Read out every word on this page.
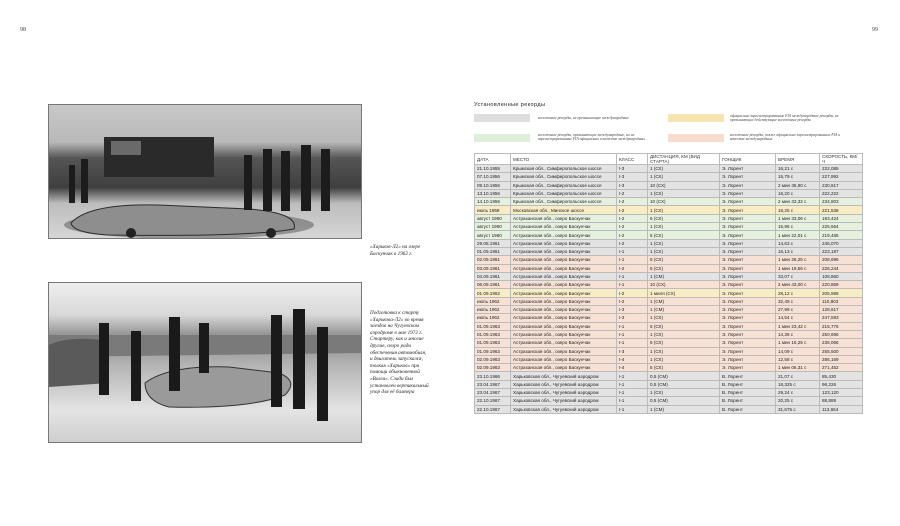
98	99
«Харьков-Л2» на озере Баскунчак в 1962 г.
Подготовка к старту «Харькова-Л2» во время заездов на Чугуевском аэродроме в мае 1972 г. Стартеру, как и многие другие, скоро ради обеспечения автомобиля, и двигатель запускался, толкая «Харьков» при помощи обыкновенной «Волги». Сзади был установлен вертикальный упор для её бампера
Установленные рекорды
всесоюзные рекорды, не превышающие международные	официально зарегистрированные FIA международные рекорды, не превышающие действующие всесоюзные рекорды
всесоюзные рекорды, превышающие международные, но не зарегистрированные FIA официально в качестве международных
всесоюзные рекорды, позже официально зарегистрированные FIA в качестве международных
ДАТА	МЕСТО	КЛАСС	ДИСТАНЦИЯ, КМ (ВИД СТАРТА)	ГОНЩИК	ВРЕМЯ	СКОРОСТЬ, КМ/Ч
21.10.1955	Крымская обл., Симферопольское шоссе	I-3	1 (СХ)	Э. Лорент	16,21 с	222,085
07.10.1956	Крымская обл., Симферопольское шоссе	I-3	1 (СХ)	Э. Лорент	15,79 с	227,992
09.10.1956	Крымская обл., Симферопольское шоссе	I-3	10 (СХ)	Э. Лорент	2 мин 35,90 с	230,917
13.10.1956	Крымская обл., Симферопольское шоссе	I-2	1 (СХ)	Э. Лорент	16,20 с	222,222
14.10.1956	Крымская обл., Симферопольское шоссе	I-2	10 (СХ)	Э. Лорент	2 мин 33,32 с	234,803
июль 1958	Московская обл., Минское шоссе	I-2	1 (СХ)	Э. Лорент	16,25 с	221,538
август 1960	Астраханская обл., озеро Баскунчак	I-2	5 (СХ)	Э. Лорент	1 мин 33,06 с	193,424
август 1960	Астраханская обл., озеро Баскунчак	I-2	1 (СХ)	Э. Лорент	15,96 с	225,564
август 1960	Астраханская обл., озеро Баскунчак	I-2	5 (СХ)	Э. Лорент	1 мин 22,01 с	219,485
29.08.1961	Астраханская обл., озеро Баскунчак	I-2	1 (СХ)	Э. Лорент	14,63 с	246,070
01.09.1961	Астраханская обл., озеро Баскунчак	I-1	1 (СХ)	Э. Лорент	16,13 с	223,187
02.09.1961	Астраханская обл., озеро Баскунчак	I-1	5 (СХ)	Э. Лорент	1 мин 26,25 с	208,696
03.09.1961	Астраханская обл., озеро Баскунчак	I-2	5 (СХ)	Э. Лорент	1 мин 19,56 с	226,244
04.09.1961	Астраханская обл., озеро Баскунчак	I-1	1 (СМ)	Э. Лорент	33,07 с	108,860
06.09.1961	Астраханская обл., озеро Баскунчак	I-1	10 (СХ)	Э. Лорент	2 мин 43,00 с	220,859
01.09.1962	Астраханская обл., озеро Баскунчак	I-2	1 миля (СХ)	Э. Лорент	28,12 с	205,989
июль 1962	Астраханская обл., озеро Баскунчак	I-2	1 (СМ)	Э. Лорент	32,49 с	110,803
июль 1962	Астраханская обл., озеро Баскунчак	I-3	1 (СМ)	Э. Лорент	27,99 с	128,617
июль 1962	Астраханская обл., озеро Баскунчак	I-3	1 (СХ)	Э. Лорент	14,54 с	247,593
01.09.1963	Астраханская обл., озеро Баскунчак	I-1	5 (СХ)	Э. Лорент	1 мин 23,42 с	215,776
01.09.1963	Астраханская обл., озеро Баскунчак	I-1	1 (СХ)	Э. Лорент	14,36 с	250,696
01.09.1963	Астраханская обл., озеро Баскунчак	I-1	5 (СХ)	Э. Лорент	1 мин 16,25 с	236,066
01.09.1963	Астраханская обл., озеро Баскунчак	I-3	1 (СХ)	Э. Лорент	14,09 с	255,500
02.09.1963	Астраханская обл., озеро Баскунчак	I-4	1 (СХ)	Э. Лорент	12,58 с	286,169
02.09.1963	Астраханская обл., озеро Баскунчак	I-4	5 (СХ)	Э. Лорент	1 мин 06,31 с	271,452
23.10.1966	Харьковская обл., Чугуевский аэродром	I-1	0,5 (СМ)	В. Лорент	21,07 с	85,430
23.04.1967	Харьковская обл., Чугуевский аэродром	I-1	0,5 (СМ)	В. Лорент	18,325 с	98,226
23.04.1967	Харьковская обл., Чугуевский аэродром	I-1	1 (СХ)	В. Лорент	29,24 с	123,120
22.10.1967	Харьковская обл., Чугуевский аэродром	I-1	0,5 (СМ)	В. Лорент	20,25 с	88,889
22.10.1967	Харьковская обл., Чугуевский аэродром	I-1	1 (СМ)	В. Лорент	31,675 с	113,654
